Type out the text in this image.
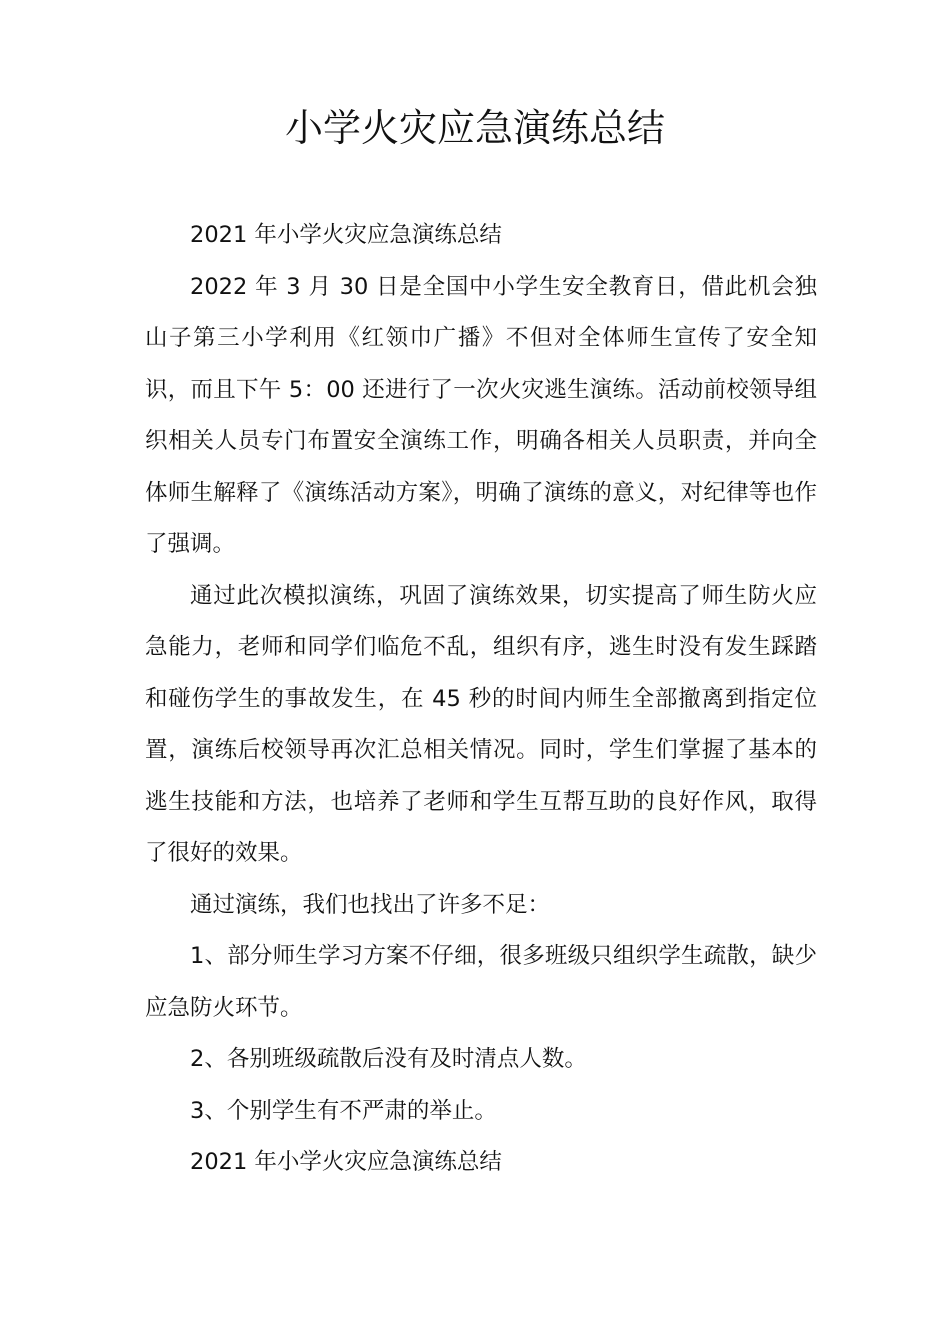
小学火灾应急演练总结

2021 年小学火灾应急演练总结

2022 年 3 月 30 日是全国中小学生安全教育日，借此机会独山子第三小学利用《红领巾广播》不但对全体师生宣传了安全知识，而且下午 5：00 还进行了一次火灾逃生演练。活动前校领导组织相关人员专门布置安全演练工作，明确各相关人员职责，并向全体师生解释了《演练活动方案》，明确了演练的意义，对纪律等也作了强调。

通过此次模拟演练，巩固了演练效果，切实提高了师生防火应急能力，老师和同学们临危不乱，组织有序，逃生时没有发生踩踏和碰伤学生的事故发生，在 45 秒的时间内师生全部撤离到指定位置，演练后校领导再次汇总相关情况。同时，学生们掌握了基本的逃生技能和方法，也培养了老师和学生互帮互助的良好作风，取得了很好的效果。

通过演练，我们也找出了许多不足：

1、部分师生学习方案不仔细，很多班级只组织学生疏散，缺少应急防火环节。

2、各别班级疏散后没有及时清点人数。

3、个别学生有不严肃的举止。

2021 年小学火灾应急演练总结
